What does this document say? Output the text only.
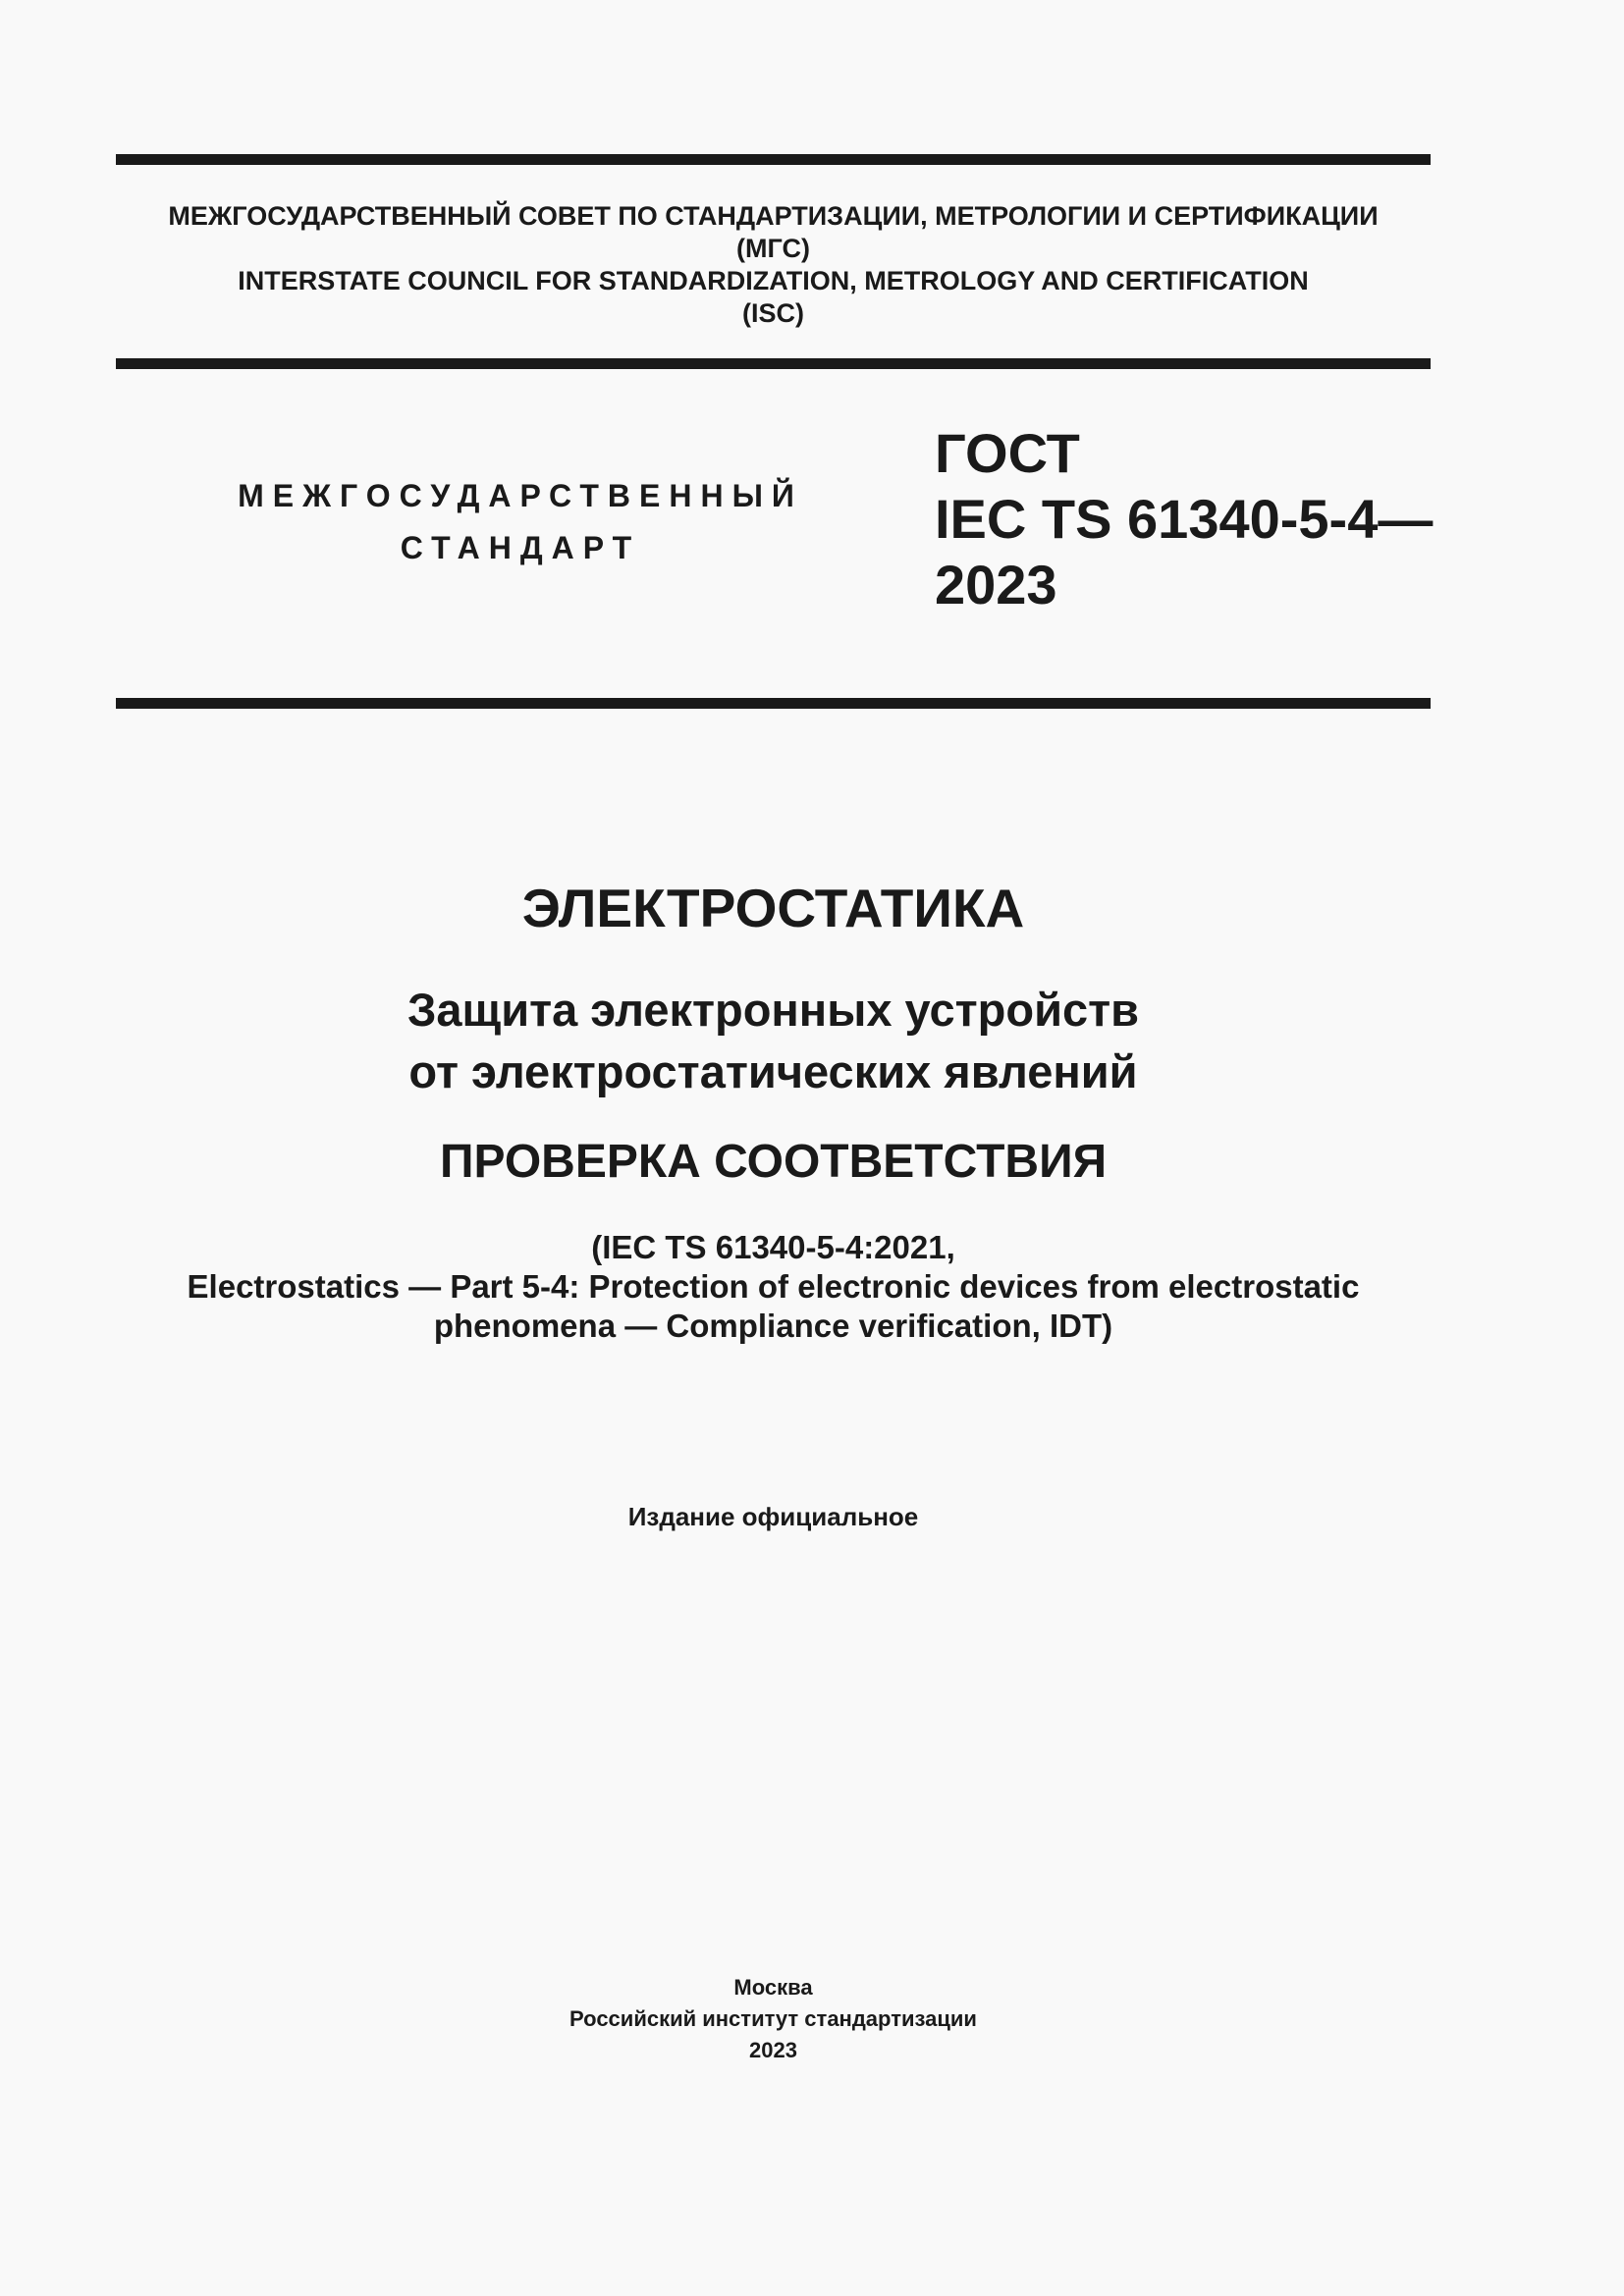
МЕЖГОСУДАРСТВЕННЫЙ СОВЕТ ПО СТАНДАРТИЗАЦИИ, МЕТРОЛОГИИ И СЕРТИФИКАЦИИ
(МГС)
INTERSTATE COUNCIL FOR STANDARDIZATION, METROLOGY AND CERTIFICATION
(ISC)
МЕЖГОСУДАРСТВЕННЫЙ
СТАНДАРТ
ГОСТ
IEC TS 61340-5-4—
2023
ЭЛЕКТРОСТАТИКА
Защита электронных устройств
от электростатических явлений
ПРОВЕРКА СООТВЕТСТВИЯ
(IEC TS 61340-5-4:2021,
Electrostatics — Part 5-4: Protection of electronic devices from electrostatic
phenomena — Compliance verification, IDT)
Издание официальное
Москва
Российский институт стандартизации
2023
